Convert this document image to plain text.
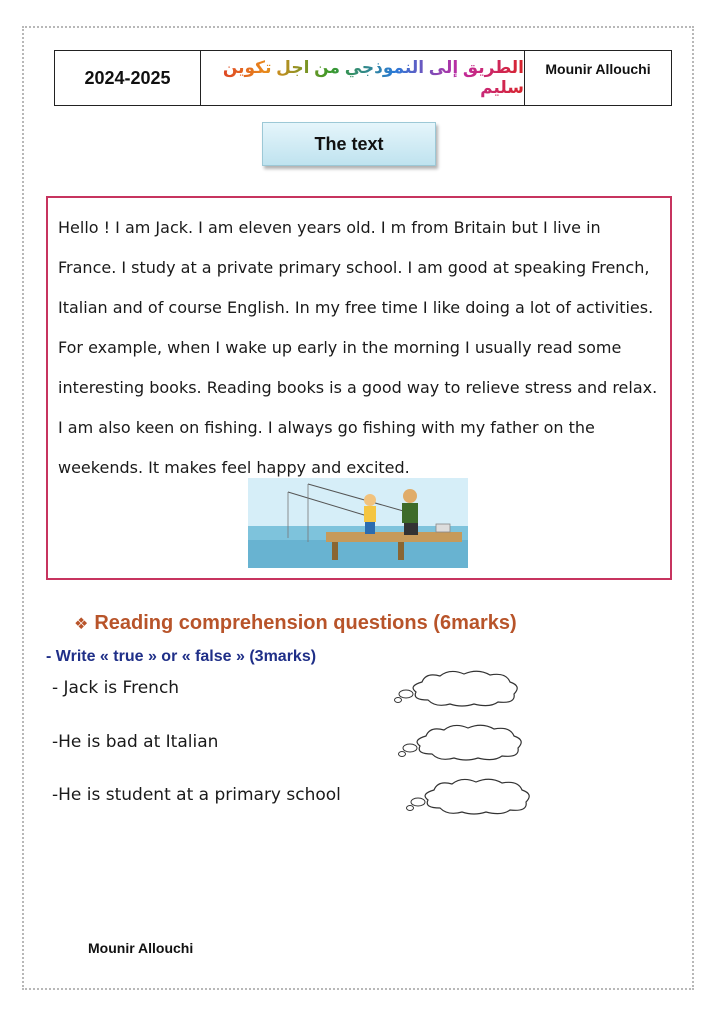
2024-2025	الطريق إلى النموذجي من اجل تكوين سليم
Mounir Allouchi
The text

Hello ! I am Jack. I am eleven years old. I m from Britain but I live in France. I study at a private primary school. I am good at speaking French, Italian and of course English. In my free time I like doing a lot of activities. For example, when I wake up early in the morning I usually read some interesting books. Reading books is a good way to relieve stress and relax. I am also keen on fishing. I always go fishing with my father on the weekends. It makes feel happy and excited.

❖ Reading comprehension questions (6marks)
- Write « true » or « false » (3marks)
- Jack is French
-He is bad at Italian
-He is student at a primary school
Mounir Allouchi
